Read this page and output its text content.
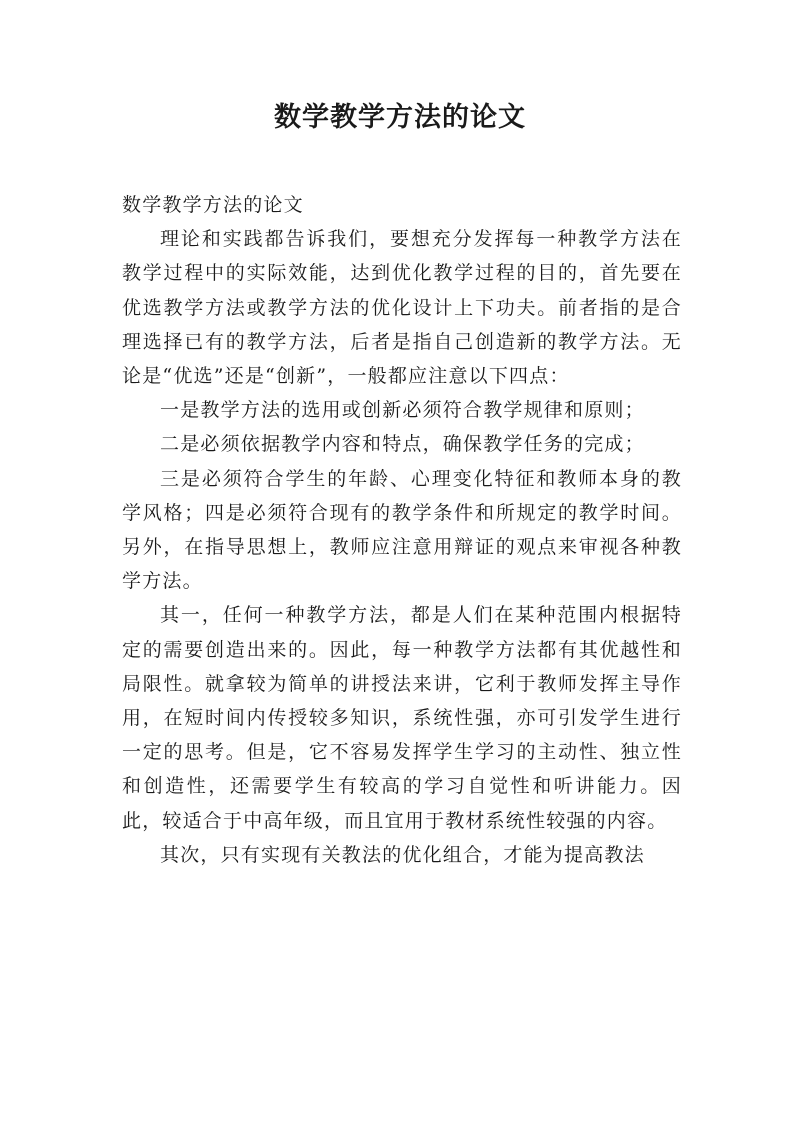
数学教学方法的论文

数学教学方法的论文

理论和实践都告诉我们，要想充分发挥每一种教学方法在教学过程中的实际效能，达到优化教学过程的目的，首先要在优选教学方法或教学方法的优化设计上下功夫。前者指的是合理选择已有的教学方法，后者是指自己创造新的教学方法。无论是“优选”还是“创新”，一般都应注意以下四点：

一是教学方法的选用或创新必须符合教学规律和原则；

二是必须依据教学内容和特点，确保教学任务的完成；

三是必须符合学生的年龄、心理变化特征和教师本身的教学风格；四是必须符合现有的教学条件和所规定的教学时间。另外，在指导思想上，教师应注意用辩证的观点来审视各种教学方法。

其一，任何一种教学方法，都是人们在某种范围内根据特定的需要创造出来的。因此，每一种教学方法都有其优越性和局限性。就拿较为简单的讲授法来讲，它利于教师发挥主导作用，在短时间内传授较多知识，系统性强，亦可引发学生进行一定的思考。但是，它不容易发挥学生学习的主动性、独立性和创造性，还需要学生有较高的学习自觉性和听讲能力。因此，较适合于中高年级，而且宜用于教材系统性较强的内容。

其次，只有实现有关教法的优化组合，才能为提高教法
